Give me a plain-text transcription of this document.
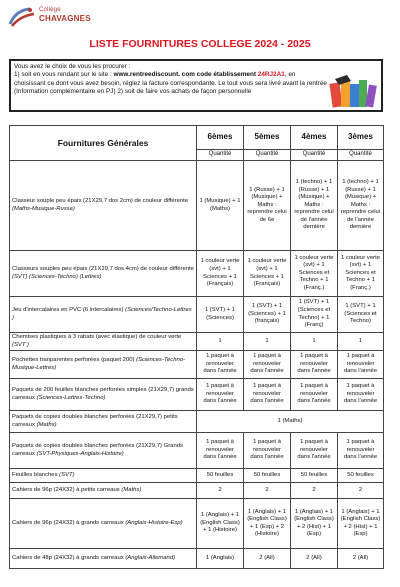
Collège
CHAVAGNES
LISTE FOURNITURES COLLEGE 2024 - 2025
Vous avez le choix de vous les procurer :
1) soit en vous rendant sur le site : www.rentreediscount. com code établissement 24RJ2A1, en choisissant ce dont vous avez besoin, réglez la facture correspondante. Le tout vous sera livré avant la rentrée (Information complémentaire en PJ) 2) soit de faire vos achats de façon personnelle
Fournitures Générales	6èmes	5èmes	4èmes	3èmes
	Quantité	Quantité	Quantité	Quantité
Classeur souple peu épais (21X29,7 dos 2cm) de couleur différente (Maths-Musique-Russe)	1 (Musique) + 1 (Maths)	1 (Russe) + 1 (Musique) + Maths : reprendre celui de 6e	1 (techno) + 1 (Russe) + 1 (Musique) + Maths : reprendre celui de l'année dernière	1 (techno) + 1 (Russe) + 1 (Musique) + Maths : reprendre celui de l'année dernière
Classeurs souples peu épais (21X29,7 dos 4cm) de couleur différente (SVT) (Sciences-Techno) (Lettres)	1 couleur verte (svt) + 1 Sciences + 1 (Français)	1 couleur verte (svt) + 1 Sciences + 1 (Français)	1 couleur verte (svt) + 1 Sciences et Techno + 1 (Franç.)	1 couleur verte (svt) + 1 Sciences et Techno + 1 (Franç.)
Jeu d'intercalaires en PVC (6 intercalaires) (Sciences/Techno-Lettres )	1 (SVT) + 1 (Sciences)	1 (SVT) + 1 (Sciences) + 1 (français)	1 (SVT) + 1 (Sciences et Techno) + 1 (Franç)	1 (SVT) + 1 (Sciences et Techno)
Chemises plastiques à 3 rabats (avec élastique) de couleur verte (SVT )	1	1	1	1
Pochettes tranparentes perforées (paquet 200) (Sciences-Techno-Musique-Lettres)	1 paquet à renouveler dans l'année	1 paquet à renouveler dans l'année	1 paquet à renouveler dans l'année	1 paquet à renouveler dans l'année
Paquets de 200 feuilles blanches perforées simples (21X29,7) grands carreaux (Sciences-Lettres-Techno)	1 paquet à renouveler dans l'année	1 paquet à renouveler dans l'année	1 paquet à renouveler dans l'année	1 paquet à renouveler dans l'année
Paquets de copies doubles blanches perforées (21X29,7) petits carreaux (Maths)	1 (Maths)			
Paquets de copies doubles blanches perforées (21X29,7) Grands carreaux (SVT-Physiques-Anglais-Histoire)	1 paquet à renouveler dans l'année	1 paquet à renouveler dans l'année	1 paquet à renouveler dans l'année	1 paquet à renouveler dans l'année
Feuilles blanches (SVT)	50 feuilles	50 feuilles	50 feuilles	50 feuilles
Cahiers de 96p (24X32) à petits carreaux (Maths)	2	2	2	2
Cahiers de 96p (24X32) à grands carreaux (Anglais-Histoire-Esp)	1 (Anglais) + 1 (English Class) + 1 (Histoire)	1 (Anglais) + 1 (English Class) + 1 (Esp) + 2 (Histoire)	1 (Anglais) + 1 (English Class) + 2 (Hist) + 1 (Esp)	1 (Anglais) + 1 (English Class) + 2 (Hist) + 1 (Esp)
Cahiers de 48p (24X32) à grands carreaux (Anglais-Allemand)	1 (Anglais)	2 (All)	2 (All)	2 (All)
